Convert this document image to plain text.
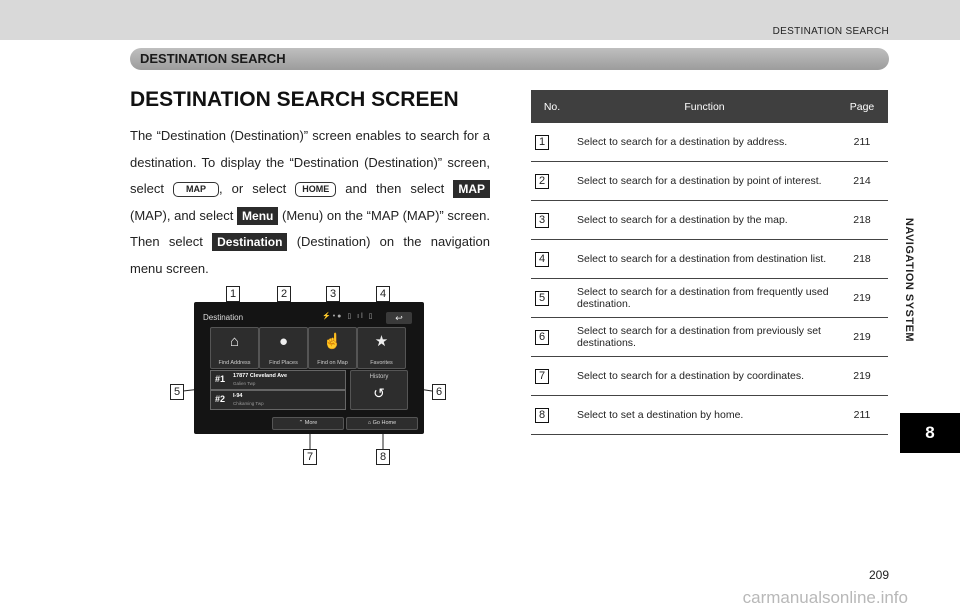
DESTINATION SEARCH
DESTINATION SEARCH
NAVIGATION SYSTEM
8
DESTINATION SEARCH SCREEN
The “Destination (Destination)” screen enables to search for a destination. To display the “Destination (Destination)” screen, select MAP , or select HOME and then select MAP (MAP), and select Menu (Menu) on the “MAP (MAP)” screen. Then select Destination (Destination) on the navigation menu screen.
No.	Function	Page
1	Select to search for a destination by address.	211
2	Select to search for a destination by point of interest.	214
3	Select to search for a destination by the map.	218
4	Select to search for a destination from destination list.	218
5	Select to search for a destination from frequently used destination.	219
6	Select to search for a destination from previously set destinations.	219
7	Select to search for a destination by coordinates.	219
8	Select to set a destination by home.	211
Destination	⚡•● ▯ ıl ▯	↩
⌂
Find Address
●
Find Places
☝
Find on Map
★
Favorites
#1 17877 Cleveland Ave
Galien Twp
#2 I-94
Chikaming Twp
History
↺
⌃ More	⌂ Go Home
1	2	3	4
5	6
7	8
209
carmanualsonline.info
